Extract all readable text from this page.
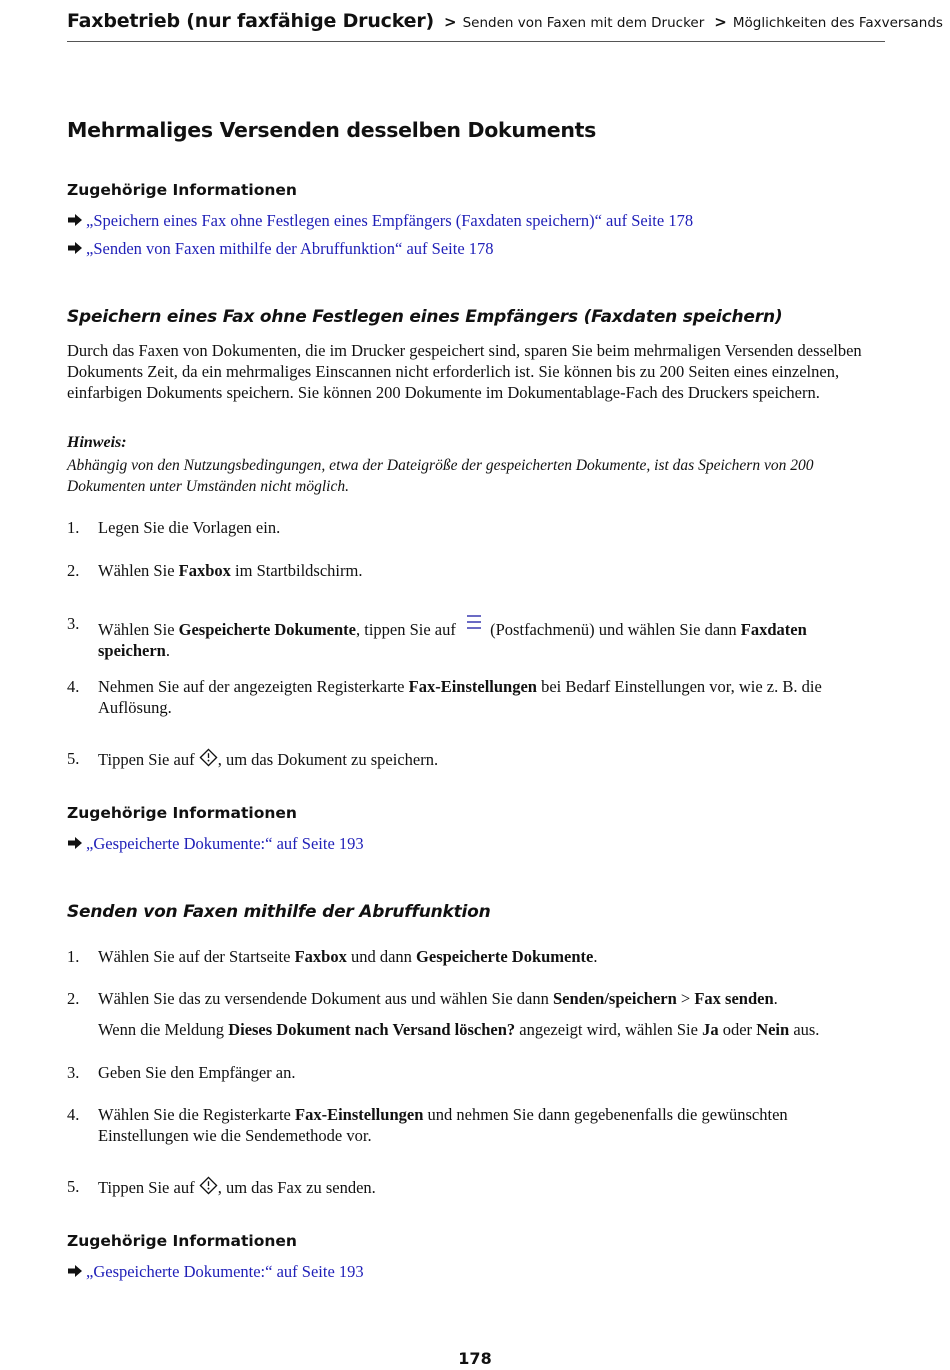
Faxbetrieb (nur faxfähige Drucker) > Senden von Faxen mit dem Drucker > Möglichkeiten des Faxversands
Mehrmaliges Versenden desselben Dokuments
Zugehörige Informationen
„Speichern eines Fax ohne Festlegen eines Empfängers (Faxdaten speichern)“ auf Seite 178
„Senden von Faxen mithilfe der Abruffunktion“ auf Seite 178
Speichern eines Fax ohne Festlegen eines Empfängers (Faxdaten speichern)
Durch das Faxen von Dokumenten, die im Drucker gespeichert sind, sparen Sie beim mehrmaligen Versenden desselben Dokuments Zeit, da ein mehrmaliges Einscannen nicht erforderlich ist. Sie können bis zu 200 Seiten eines einzelnen, einfarbigen Dokuments speichern. Sie können 200 Dokumente im Dokumentablage-Fach des Druckers speichern.
Hinweis:
Abhängig von den Nutzungsbedingungen, etwa der Dateigröße der gespeicherten Dokumente, ist das Speichern von 200 Dokumenten unter Umständen nicht möglich.
1. Legen Sie die Vorlagen ein.
2. Wählen Sie Faxbox im Startbildschirm.
3. Wählen Sie Gespeicherte Dokumente, tippen Sie auf  (Postfachmenü) und wählen Sie dann Faxdaten speichern.
4. Nehmen Sie auf der angezeigten Registerkarte Fax-Einstellungen bei Bedarf Einstellungen vor, wie z. B. die Auflösung.
5. Tippen Sie auf , um das Dokument zu speichern.
Zugehörige Informationen
„Gespeicherte Dokumente:“ auf Seite 193
Senden von Faxen mithilfe der Abruffunktion
1. Wählen Sie auf der Startseite Faxbox und dann Gespeicherte Dokumente.
2. Wählen Sie das zu versendende Dokument aus und wählen Sie dann Senden/speichern > Fax senden.
Wenn die Meldung Dieses Dokument nach Versand löschen? angezeigt wird, wählen Sie Ja oder Nein aus.
3. Geben Sie den Empfänger an.
4. Wählen Sie die Registerkarte Fax-Einstellungen und nehmen Sie dann gegebenenfalls die gewünschten Einstellungen wie die Sendemethode vor.
5. Tippen Sie auf , um das Fax zu senden.
Zugehörige Informationen
„Gespeicherte Dokumente:“ auf Seite 193
178
